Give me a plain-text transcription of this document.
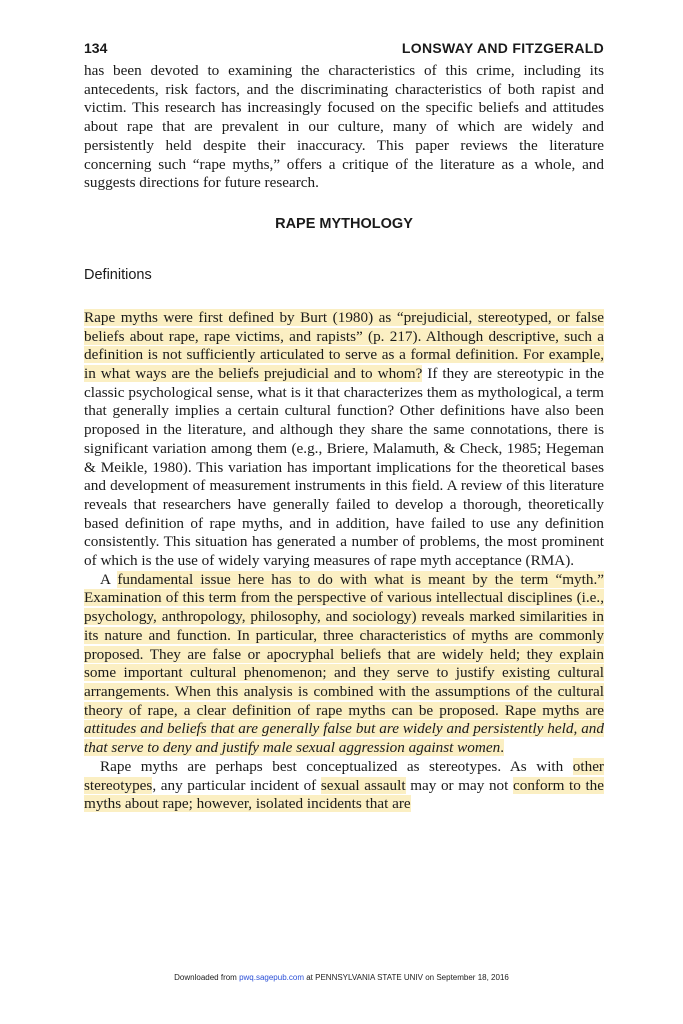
134	LONSWAY AND FITZGERALD

has been devoted to examining the characteristics of this crime, including its antecedents, risk factors, and the discriminating characteristics of both rapist and victim. This research has increasingly focused on the specific beliefs and attitudes about rape that are prevalent in our culture, many of which are widely and persistently held despite their inaccuracy. This paper reviews the literature concerning such “rape myths,” offers a critique of the literature as a whole, and suggests directions for future research.

RAPE MYTHOLOGY
Definitions

Rape myths were first defined by Burt (1980) as “prejudicial, stereotyped, or false beliefs about rape, rape victims, and rapists” (p. 217). Although descriptive, such a definition is not sufficiently articulated to serve as a formal definition. For example, in what ways are the beliefs prejudicial and to whom? If they are stereotypic in the classic psychological sense, what is it that characterizes them as mythological, a term that generally implies a certain cultural function? Other definitions have also been proposed in the literature, and although they share the same connotations, there is significant variation among them (e.g., Briere, Malamuth, & Check, 1985; Hegeman & Meikle, 1980). This variation has important implications for the theoretical bases and development of measurement instruments in this field. A review of this literature reveals that researchers have generally failed to develop a thorough, theoretically based definition of rape myths, and in addition, have failed to use any definition consistently. This situation has generated a number of problems, the most prominent of which is the use of widely varying measures of rape myth acceptance (RMA).

A fundamental issue here has to do with what is meant by the term “myth.” Examination of this term from the perspective of various intellectual disciplines (i.e., psychology, anthropology, philosophy, and sociology) reveals marked similarities in its nature and function. In particular, three characteristics of myths are commonly proposed. They are false or apocryphal beliefs that are widely held; they explain some important cultural phenomenon; and they serve to justify existing cultural arrangements. When this analysis is combined with the assumptions of the cultural theory of rape, a clear definition of rape myths can be proposed. Rape myths are attitudes and beliefs that are generally false but are widely and persistently held, and that serve to deny and justify male sexual aggression against women.

Rape myths are perhaps best conceptualized as stereotypes. As with other stereotypes, any particular incident of sexual assault may or may not conform to the myths about rape; however, isolated incidents that are

Downloaded from pwq.sagepub.com at PENNSYLVANIA STATE UNIV on September 18, 2016
